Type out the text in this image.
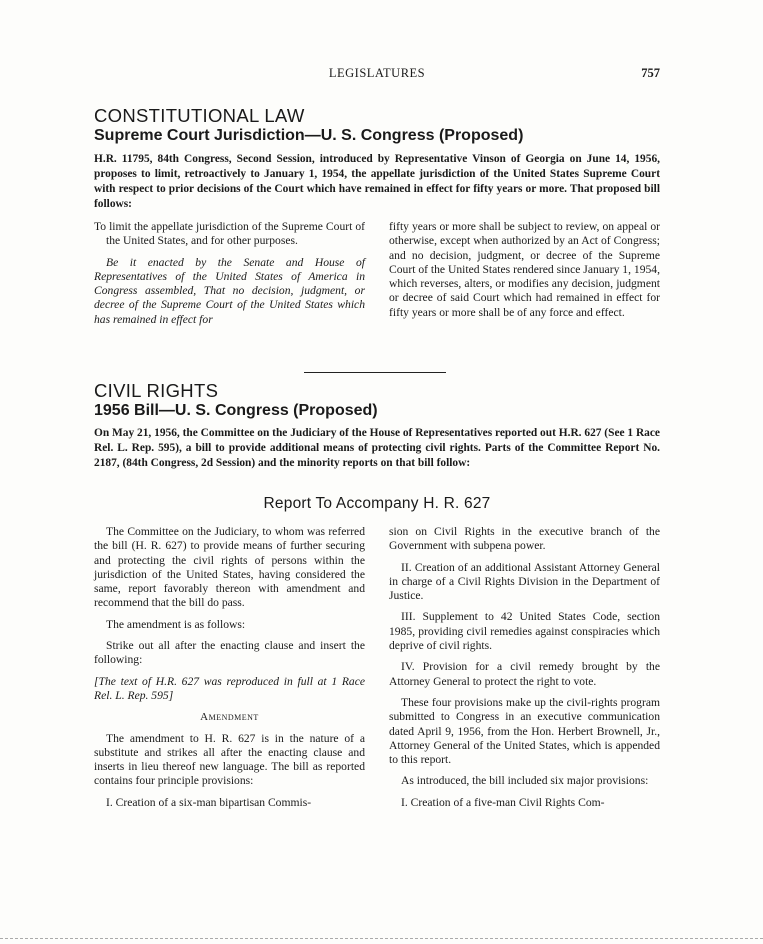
LEGISLATURES	757
CONSTITUTIONAL LAW
Supreme Court Jurisdiction—U. S. Congress (Proposed)

H.R. 11795, 84th Congress, Second Session, introduced by Representative Vinson of Georgia on June 14, 1956, proposes to limit, retroactively to January 1, 1954, the appellate jurisdiction of the United States Supreme Court with respect to prior decisions of the Court which have remained in effect for fifty years or more. That proposed bill follows:

To limit the appellate jurisdiction of the Supreme Court of the United States, and for other purposes.

Be it enacted by the Senate and House of Representatives of the United States of America in Congress assembled, That no decision, judgment, or decree of the Supreme Court of the United States which has remained in effect for

fifty years or more shall be subject to review, on appeal or otherwise, except when authorized by an Act of Congress; and no decision, judgment, or decree of the Supreme Court of the United States rendered since January 1, 1954, which reverses, alters, or modifies any decision, judgment or decree of said Court which had remained in effect for fifty years or more shall be of any force and effect.

CIVIL RIGHTS
1956 Bill—U. S. Congress (Proposed)

On May 21, 1956, the Committee on the Judiciary of the House of Representatives reported out H.R. 627 (See 1 Race Rel. L. Rep. 595), a bill to provide additional means of protecting civil rights. Parts of the Committee Report No. 2187, (84th Congress, 2d Session) and the minority reports on that bill follow:

Report To Accompany H. R. 627

The Committee on the Judiciary, to whom was referred the bill (H. R. 627) to provide means of further securing and protecting the civil rights of persons within the jurisdiction of the United States, having considered the same, report favorably thereon with amendment and recommend that the bill do pass.

The amendment is as follows:

Strike out all after the enacting clause and insert the following:

[The text of H.R. 627 was reproduced in full at 1 Race Rel. L. Rep. 595]

Amendment

The amendment to H. R. 627 is in the nature of a substitute and strikes all after the enacting clause and inserts in lieu thereof new language. The bill as reported contains four principle provisions:

I. Creation of a six-man bipartisan Commis-

sion on Civil Rights in the executive branch of the Government with subpena power.

II. Creation of an additional Assistant Attorney General in charge of a Civil Rights Division in the Department of Justice.

III. Supplement to 42 United States Code, section 1985, providing civil remedies against conspiracies which deprive of civil rights.

IV. Provision for a civil remedy brought by the Attorney General to protect the right to vote.

These four provisions make up the civil-rights program submitted to Congress in an executive communication dated April 9, 1956, from the Hon. Herbert Brownell, Jr., Attorney General of the United States, which is appended to this report.

As introduced, the bill included six major provisions:

I. Creation of a five-man Civil Rights Com-
